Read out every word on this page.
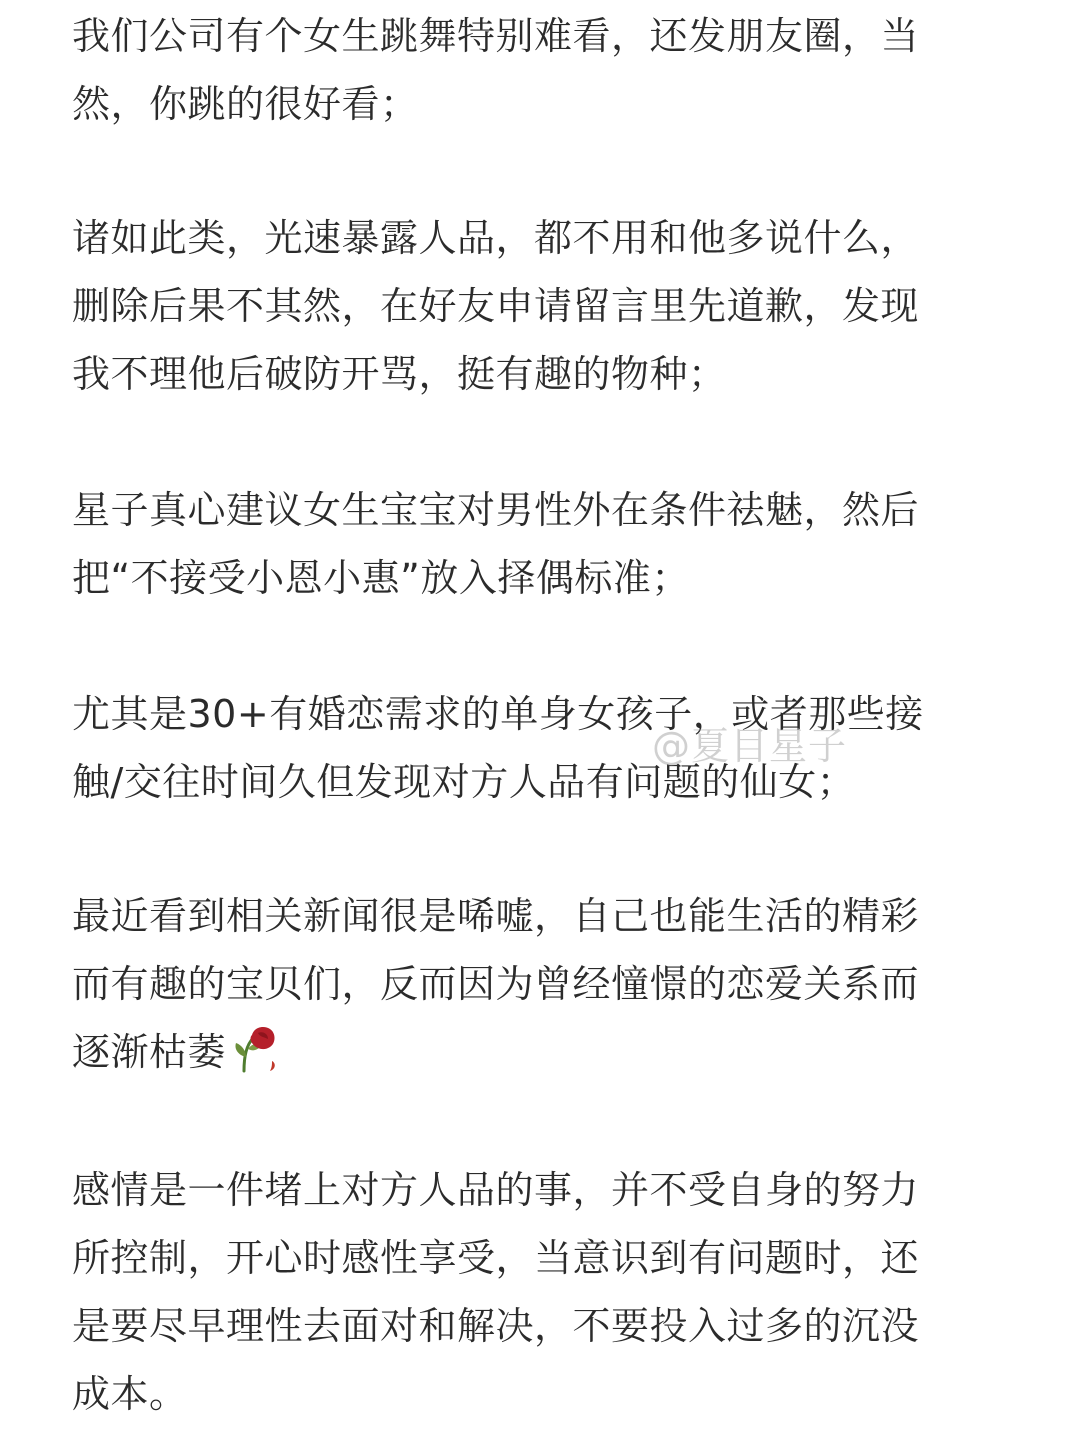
我们公司有个女生跳舞特别难看，还发朋友圈，当
然，你跳的很好看；

诸如此类，光速暴露人品，都不用和他多说什么，
删除后果不其然，在好友申请留言里先道歉，发现
我不理他后破防开骂，挺有趣的物种；

星子真心建议女生宝宝对男性外在条件祛魅，然后
把“不接受小恩小惠”放入择偶标准；

尤其是30+有婚恋需求的单身女孩子，或者那些接
触/交往时间久但发现对方人品有问题的仙女；

最近看到相关新闻很是唏嘘，自己也能生活的精彩
而有趣的宝贝们，反而因为曾经憧憬的恋爱关系而
逐渐枯萎

感情是一件堵上对方人品的事，并不受自身的努力
所控制，开心时感性享受，当意识到有问题时，还
是要尽早理性去面对和解决，不要投入过多的沉没
成本。

@夏目星子
